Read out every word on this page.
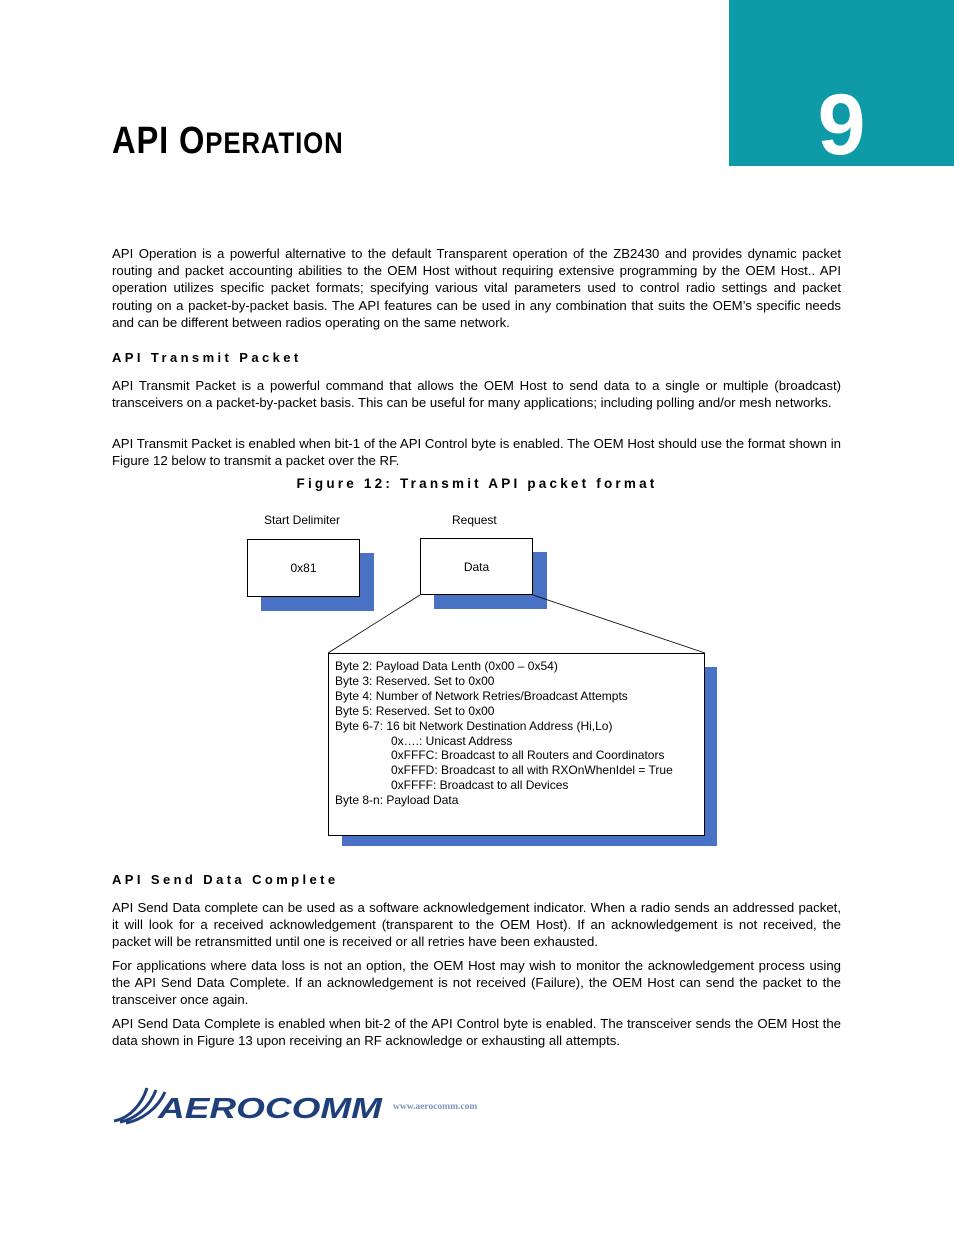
9
API OPERATION

API Operation is a powerful alternative to the default Transparent operation of the ZB2430 and provides dynamic packet routing and packet accounting abilities to the OEM Host without requiring extensive programming by the OEM Host.. API operation utilizes specific packet formats; specifying various vital parameters used to control radio settings and packet routing on a packet-by-packet basis. The API features can be used in any combination that suits the OEM’s specific needs and can be different between radios operating on the same network.

API Transmit Packet

API Transmit Packet is a powerful command that allows the OEM Host to send data to a single or multiple (broadcast) transceivers on a packet-by-packet basis. This can be useful for many applications; including polling and/or mesh networks.

API Transmit Packet is enabled when bit-1 of the API Control byte is enabled. The OEM Host should use the format shown in Figure 12 below to transmit a packet over the RF.

Figure 12: Transmit API packet format

Start Delimiter	Request
0x81	Data
Byte 2: Payload Data Lenth (0x00 – 0x54)
Byte 3: Reserved. Set to 0x00
Byte 4: Number of Network Retries/Broadcast Attempts
Byte 5: Reserved. Set to 0x00
Byte 6-7: 16 bit Network Destination Address (Hi,Lo)
0x….: Unicast Address
0xFFFC: Broadcast to all Routers and Coordinators
0xFFFD: Broadcast to all with RXOnWhenIdel = True
0xFFFF: Broadcast to all Devices
Byte 8-n: Payload Data
API Send Data Complete

API Send Data complete can be used as a software acknowledgement indicator. When a radio sends an addressed packet, it will look for a received acknowledgement (transparent to the OEM Host). If an acknowledgement is not received, the packet will be retransmitted until one is received or all retries have been exhausted.

For applications where data loss is not an option, the OEM Host may wish to monitor the acknowledgement process using the API Send Data Complete. If an acknowledgement is not received (Failure), the OEM Host can send the packet to the transceiver once again.

API Send Data Complete is enabled when bit-2 of the API Control byte is enabled. The transceiver sends the OEM Host the data shown in Figure 13 upon receiving an RF acknowledge or exhausting all attempts.

AEROCOMM www.aerocomm.com
